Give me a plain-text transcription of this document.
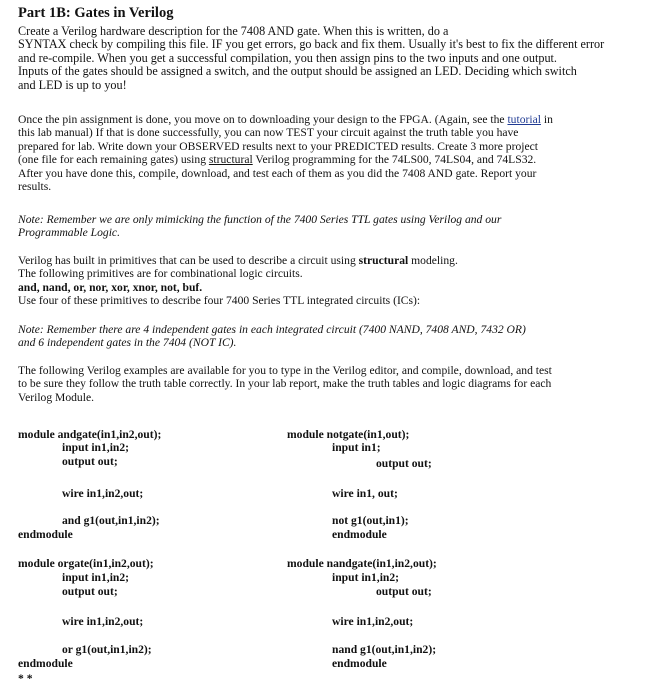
Part 1B: Gates in Verilog
Create a Verilog hardware description for the 7408 AND gate. When this is written, do a
SYNTAX check by compiling this file. IF you get errors, go back and fix them. Usually it's best to fix the different error
and re-compile. When you get a successful compilation, you then assign pins to the two inputs and one output.
Inputs of the gates should be assigned a switch, and the output should be assigned an LED. Deciding which switch
and LED is up to you!
Once the pin assignment is done, you move on to downloading your design to the FPGA. (Again, see the tutorial in
this lab manual) If that is done successfully, you can now TEST your circuit against the truth table you have
prepared for lab. Write down your OBSERVED results next to your PREDICTED results. Create 3 more project
(one file for each remaining gates) using structural Verilog programming for the 74LS00, 74LS04, and 74LS32.
After you have done this, compile, download, and test each of them as you did the 7408 AND gate. Report your
results.
Note: Remember we are only mimicking the function of the 7400 Series TTL gates using Verilog and our
Programmable Logic.
Verilog has built in primitives that can be used to describe a circuit using structural modeling.
The following primitives are for combinational logic circuits.
and, nand, or, nor, xor, xnor, not, buf.
Use four of these primitives to describe four 7400 Series TTL integrated circuits (ICs):
Note: Remember there are 4 independent gates in each integrated circuit (7400 NAND, 7408 AND, 7432 OR)
and 6 independent gates in the 7404 (NOT IC).
The following Verilog examples are available for you to type in the Verilog editor, and compile, download, and test
to be sure they follow the truth table correctly. In your lab report, make the truth tables and logic diagrams for each
Verilog Module.
module andgate(in1,in2,out);
input in1,in2;
output out;
wire in1,in2,out;
and g1(out,in1,in2);
endmodule
module notgate(in1,out);
input in1;
output out;
wire in1, out;
not g1(out,in1);
endmodule
module orgate(in1,in2,out);
input in1,in2;
output out;
wire in1,in2,out;
or g1(out,in1,in2);
endmodule
module nandgate(in1,in2,out);
input in1,in2;
output out;
wire in1,in2,out;
nand g1(out,in1,in2);
endmodule
* *
